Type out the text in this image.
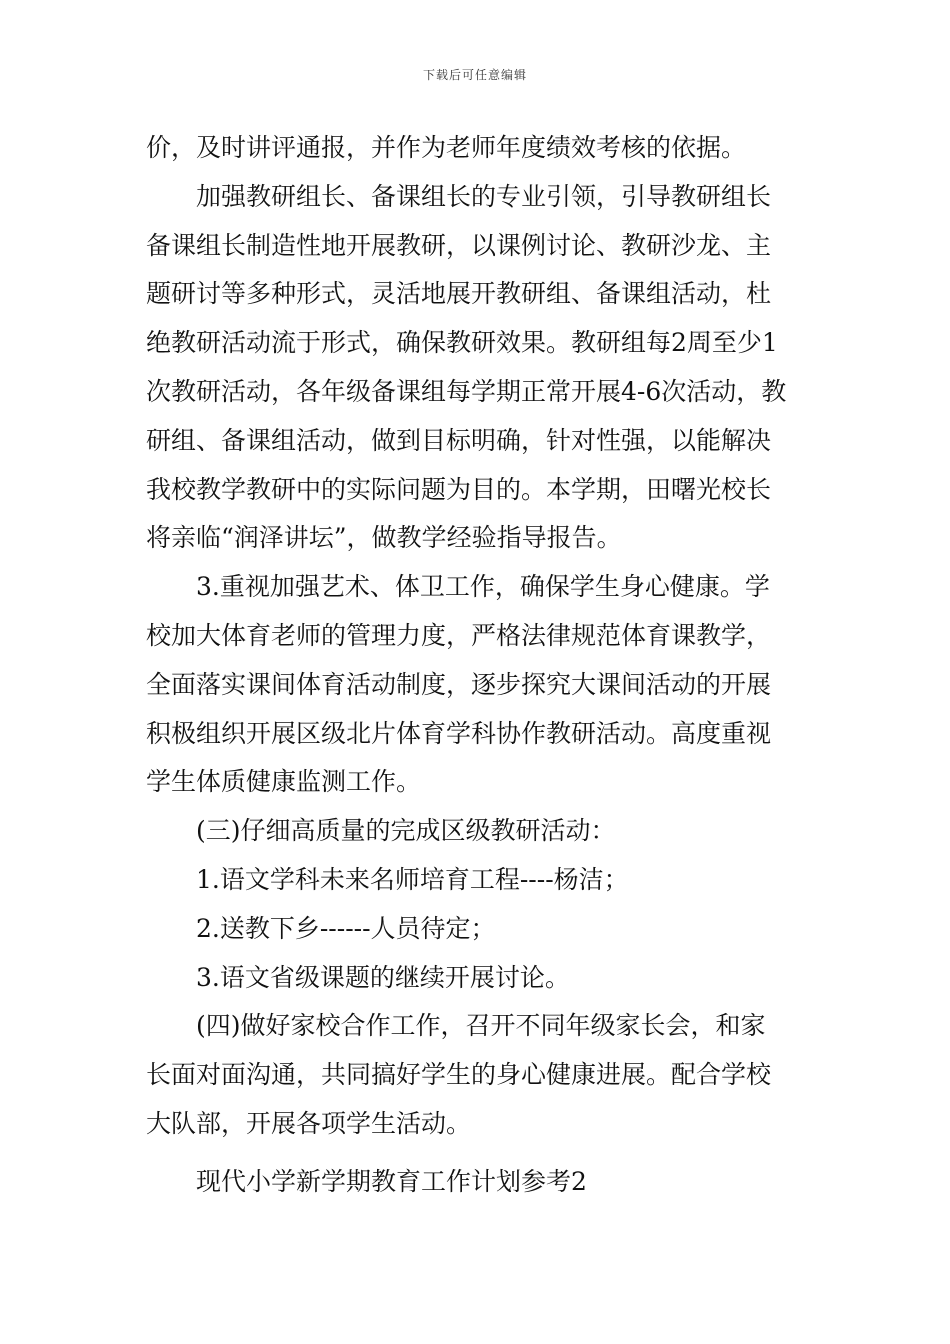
下载后可任意编辑

价，及时讲评通报，并作为老师年度绩效考核的依据。

加强教研组长、备课组长的专业引领，引导教研组长

备课组长制造性地开展教研，以课例讨论、教研沙龙、主

题研讨等多种形式，灵活地展开教研组、备课组活动，杜

绝教研活动流于形式，确保教研效果。教研组每2周至少1

次教研活动，各年级备课组每学期正常开展4-6次活动，教

研组、备课组活动，做到目标明确，针对性强，以能解决

我校教学教研中的实际问题为目的。本学期，田曙光校长

将亲临“润泽讲坛”，做教学经验指导报告。

3.重视加强艺术、体卫工作，确保学生身心健康。学

校加大体育老师的管理力度，严格法律规范体育课教学，

全面落实课间体育活动制度，逐步探究大课间活动的开展

积极组织开展区级北片体育学科协作教研活动。高度重视

学生体质健康监测工作。

(三)仔细高质量的完成区级教研活动：

1.语文学科未来名师培育工程----杨洁；

2.送教下乡------人员待定；

3.语文省级课题的继续开展讨论。

(四)做好家校合作工作，召开不同年级家长会，和家

长面对面沟通，共同搞好学生的身心健康进展。配合学校

大队部，开展各项学生活动。

现代小学新学期教育工作计划参考2
